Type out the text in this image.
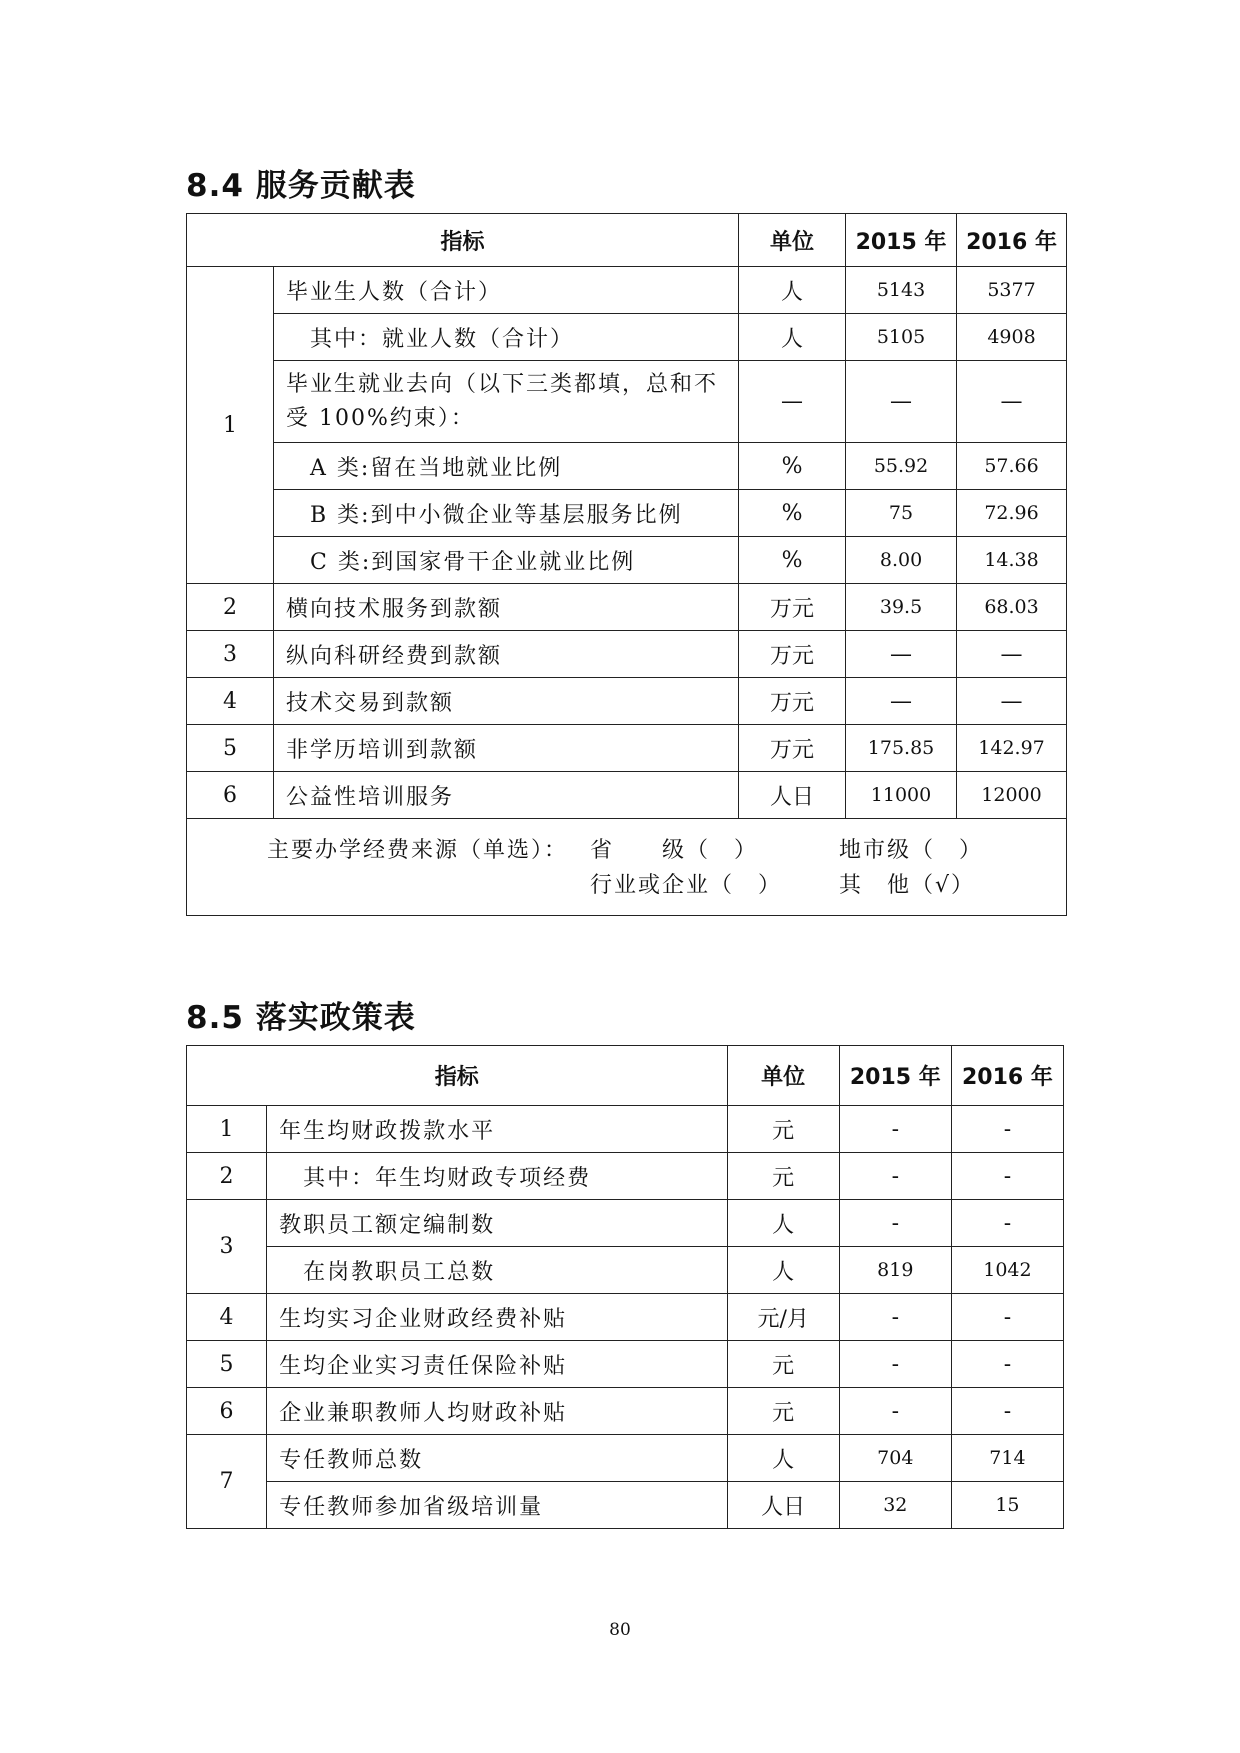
8.4 服务贡献表
指标		单位	2015 年	2016 年
1	毕业生人数（合计）	人	5143	5377
	其中：就业人数（合计）	人	5105	4908
	毕业生就业去向（以下三类都填，总和不受 100%约束）：	—	—	—
	A 类:留在当地就业比例	%	55.92	57.66
	B 类:到中小微企业等基层服务比例	%	75	72.96
	C 类:到国家骨干企业就业比例	%	8.00	14.38
2	横向技术服务到款额	万元	39.5	68.03
3	纵向科研经费到款额	万元	—	—
4	技术交易到款额	万元	—	—
5	非学历培训到款额	万元	175.85	142.97
6	公益性培训服务	人日	11000	12000

主要办学经费来源（单选）： 省　　级（　） 地市级（　）
行业或企业（　） 其　他（√）				
8.5 落实政策表
指标		单位	2015 年	2016 年
1	年生均财政拨款水平	元	-	-
2	其中：年生均财政专项经费	元	-	-
3	教职员工额定编制数	人	-	-
	在岗教职员工总数	人	819	1042
4	生均实习企业财政经费补贴	元/月	-	-
5	生均企业实习责任保险补贴	元	-	-
6	企业兼职教师人均财政补贴	元	-	-
7	专任教师总数	人	704	714
	专任教师参加省级培训量	人日	32	15
80
